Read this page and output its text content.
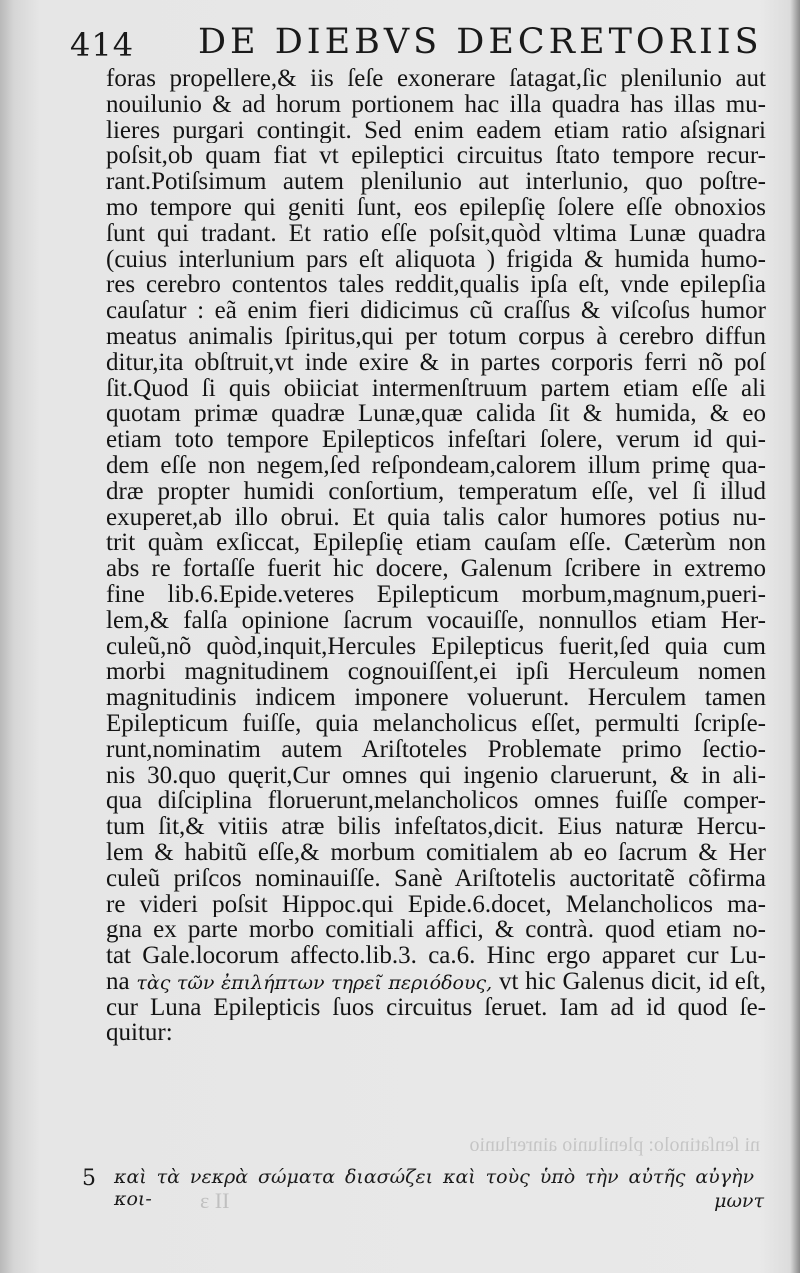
414 DE DIEBVS DECRETORIIS
ni ſenſatinolo: plenilunio ainrerlunio
ε II
foras propellere,& iis ſeſe exonerare ſatagat,ſic plenilunio aut
nouilunio & ad horum portionem hac illa quadra has illas mu-
lieres purgari contingit. Sed enim eadem etiam ratio aſsignari
poſsit,ob quam fiat vt epileptici circuitus ſtato tempore recur-
rant.Potiſsimum autem plenilunio aut interlunio, quo poſtre-
mo tempore qui geniti ſunt, eos epilepſię ſolere eſſe obnoxios
ſunt qui tradant. Et ratio eſſe poſsit,quòd vltima Lunæ quadra
(cuius interlunium pars eſt aliquota ) frigida & humida humo-
res cerebro contentos tales reddit,qualis ipſa eſt, vnde epilepſia
cauſatur : eã enim fieri didicimus cũ craſſus & viſcoſus humor
meatus animalis ſpiritus,qui per totum corpus à cerebro diffun
ditur,ita obſtruit,vt inde exire & in partes corporis ferri nõ poſ
ſit.Quod ſi quis obiiciat intermenſtruum partem etiam eſſe ali
quotam primæ quadræ Lunæ,quæ calida ſit & humida, & eo
etiam toto tempore Epilepticos infeſtari ſolere, verum id qui-
dem eſſe non negem,ſed reſpondeam,calorem illum primę qua-
dræ propter humidi conſortium, temperatum eſſe, vel ſi illud
exuperet,ab illo obrui. Et quia talis calor humores potius nu-
trit quàm exſiccat, Epilepſię etiam cauſam eſſe. Cæterùm non
abs re fortaſſe fuerit hic docere, Galenum ſcribere in extremo
fine lib.6.Epide.veteres Epilepticum morbum,magnum,pueri-
lem,& falſa opinione ſacrum vocauiſſe, nonnullos etiam Her-
culeũ,nõ quòd,inquit,Hercules Epilepticus fuerit,ſed quia cum
morbi magnitudinem cognouiſſent,ei ipſi Herculeum nomen
magnitudinis indicem imponere voluerunt. Herculem tamen
Epilepticum fuiſſe, quia melancholicus eſſet, permulti ſcripſe-
runt,nominatim autem Ariſtoteles Problemate primo ſectio-
nis 30.quo quęrit,Cur omnes qui ingenio claruerunt, & in ali-
qua diſciplina floruerunt,melancholicos omnes fuiſſe comper-
tum ſit,& vitiis atræ bilis infeſtatos,dicit. Eius naturæ Hercu-
lem & habitũ eſſe,& morbum comitialem ab eo ſacrum & Her
culeũ priſcos nominauiſſe. Sanè Ariſtotelis auctoritatẽ cõfirma
re videri poſsit Hippoc.qui Epide.6.docet, Melancholicos ma-
gna ex parte morbo comitiali affici, & contrà. quod etiam no-
tat Gale.locorum affecto.lib.3. ca.6. Hinc ergo apparet cur Lu-
na τὰς τῶν ἐπιλήπτων τηρεῖ περιόδους, vt hic Galenus dicit, id eſt,
cur Luna Epilepticis ſuos circuitus ſeruet. Iam ad id quod ſe-
quitur:
5 καὶ τὰ νεκρὰ σώματα διασώζει καὶ τοὺς ὑπὸ τὴν αὐτῆς αὐγὴν κοι-	μωντ
